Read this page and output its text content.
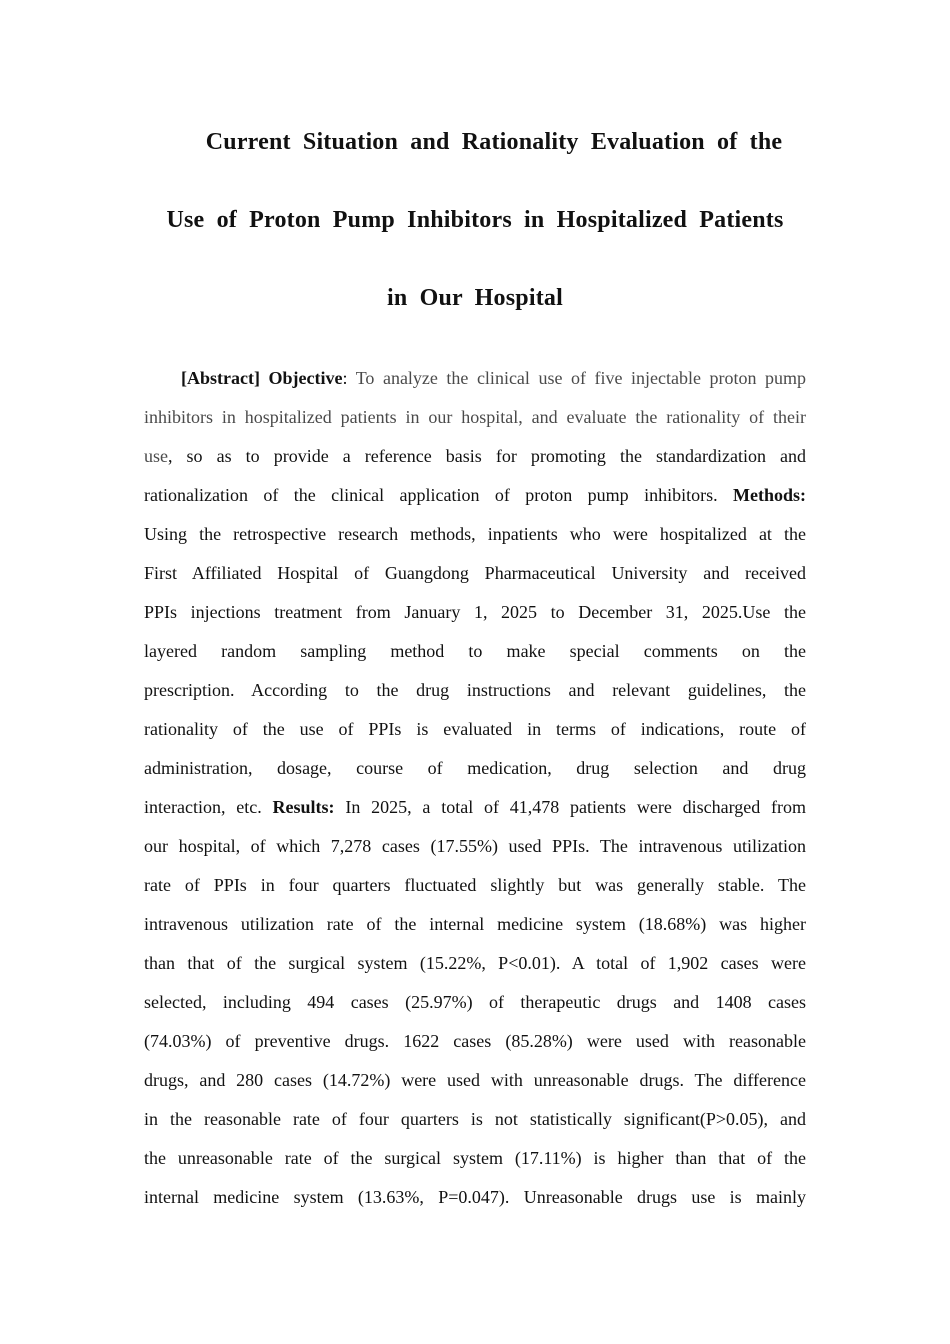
Current Situation and Rationality Evaluation of the
Use of Proton Pump Inhibitors in Hospitalized Patients
in Our Hospital
[Abstract] Objective: To analyze the clinical use of five injectable proton pump
inhibitors in hospitalized patients in our hospital, and evaluate the rationality of their
use, so as to provide a reference basis for promoting the standardization and
rationalization of the clinical application of proton pump inhibitors. Methods:
Using the retrospective research methods, inpatients who were hospitalized at the
First Affiliated Hospital of Guangdong Pharmaceutical University and received
PPIs injections treatment from January 1, 2025 to December 31, 2025.Use the
layered random sampling method to make special comments on the
prescription. According to the drug instructions and relevant guidelines, the
rationality of the use of PPIs is evaluated in terms of indications, route of
administration, dosage, course of medication, drug selection and drug
interaction, etc. Results: In 2025, a total of 41,478 patients were discharged from
our hospital, of which 7,278 cases (17.55%) used PPIs. The intravenous utilization
rate of PPIs in four quarters fluctuated slightly but was generally stable. The
intravenous utilization rate of the internal medicine system (18.68%) was higher
than that of the surgical system (15.22%, P<0.01). A total of 1,902 cases were
selected, including 494 cases (25.97%) of therapeutic drugs and 1408 cases
(74.03%) of preventive drugs. 1622 cases (85.28%) were used with reasonable
drugs, and 280 cases (14.72%) were used with unreasonable drugs. The difference
in the reasonable rate of four quarters is not statistically significant(P>0.05), and
the unreasonable rate of the surgical system (17.11%) is higher than that of the
internal medicine system (13.63%, P=0.047). Unreasonable drugs use is mainly
